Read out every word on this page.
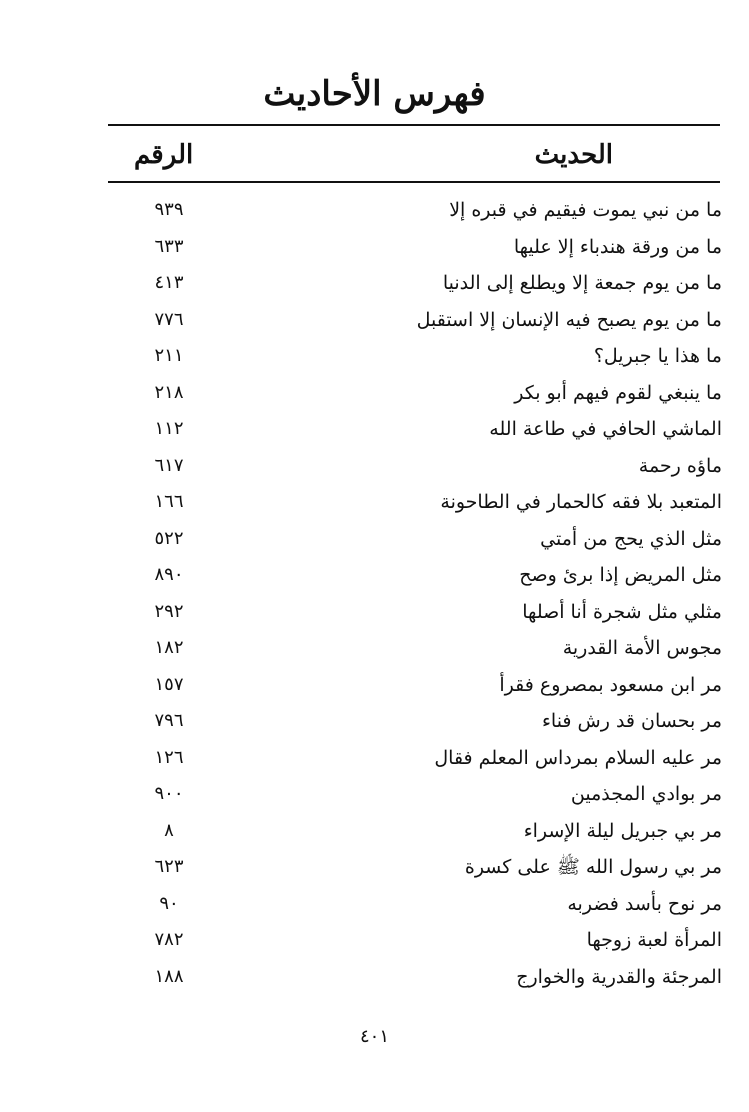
فهرس الأحاديث
الحديث
الرقم
ما من نبي يموت فيقيم في قبره إلا
٩٣٩
ما من ورقة هندباء إلا عليها
٦٣٣
ما من يوم جمعة إلا ويطلع إلى الدنيا
٤١٣
ما من يوم يصبح فيه الإنسان إلا استقبل
٧٧٦
ما هذا يا جبريل؟
٢١١
ما ينبغي لقوم فيهم أبو بكر
٢١٨
الماشي الحافي في طاعة الله
١١٢
ماؤه رحمة
٦١٧
المتعبد بلا فقه كالحمار في الطاحونة
١٦٦
مثل الذي يحج من أمتي
٥٢٢
مثل المريض إذا برئ وصح
٨٩٠
مثلي مثل شجرة أنا أصلها
٢٩٢
مجوس الأمة القدرية
١٨٢
مر ابن مسعود بمصروع فقرأ
١٥٧
مر بحسان قد رش فناء
٧٩٦
مر عليه السلام بمرداس المعلم فقال
١٢٦
مر بوادي المجذمين
٩٠٠
مر بي جبريل ليلة الإسراء
٨
مر بي رسول الله ﷺ على كسرة
٦٢٣
مر نوح بأسد فضربه
٩٠
المرأة لعبة زوجها
٧٨٢
المرجئة والقدرية والخوارج
١٨٨
٤٠١
